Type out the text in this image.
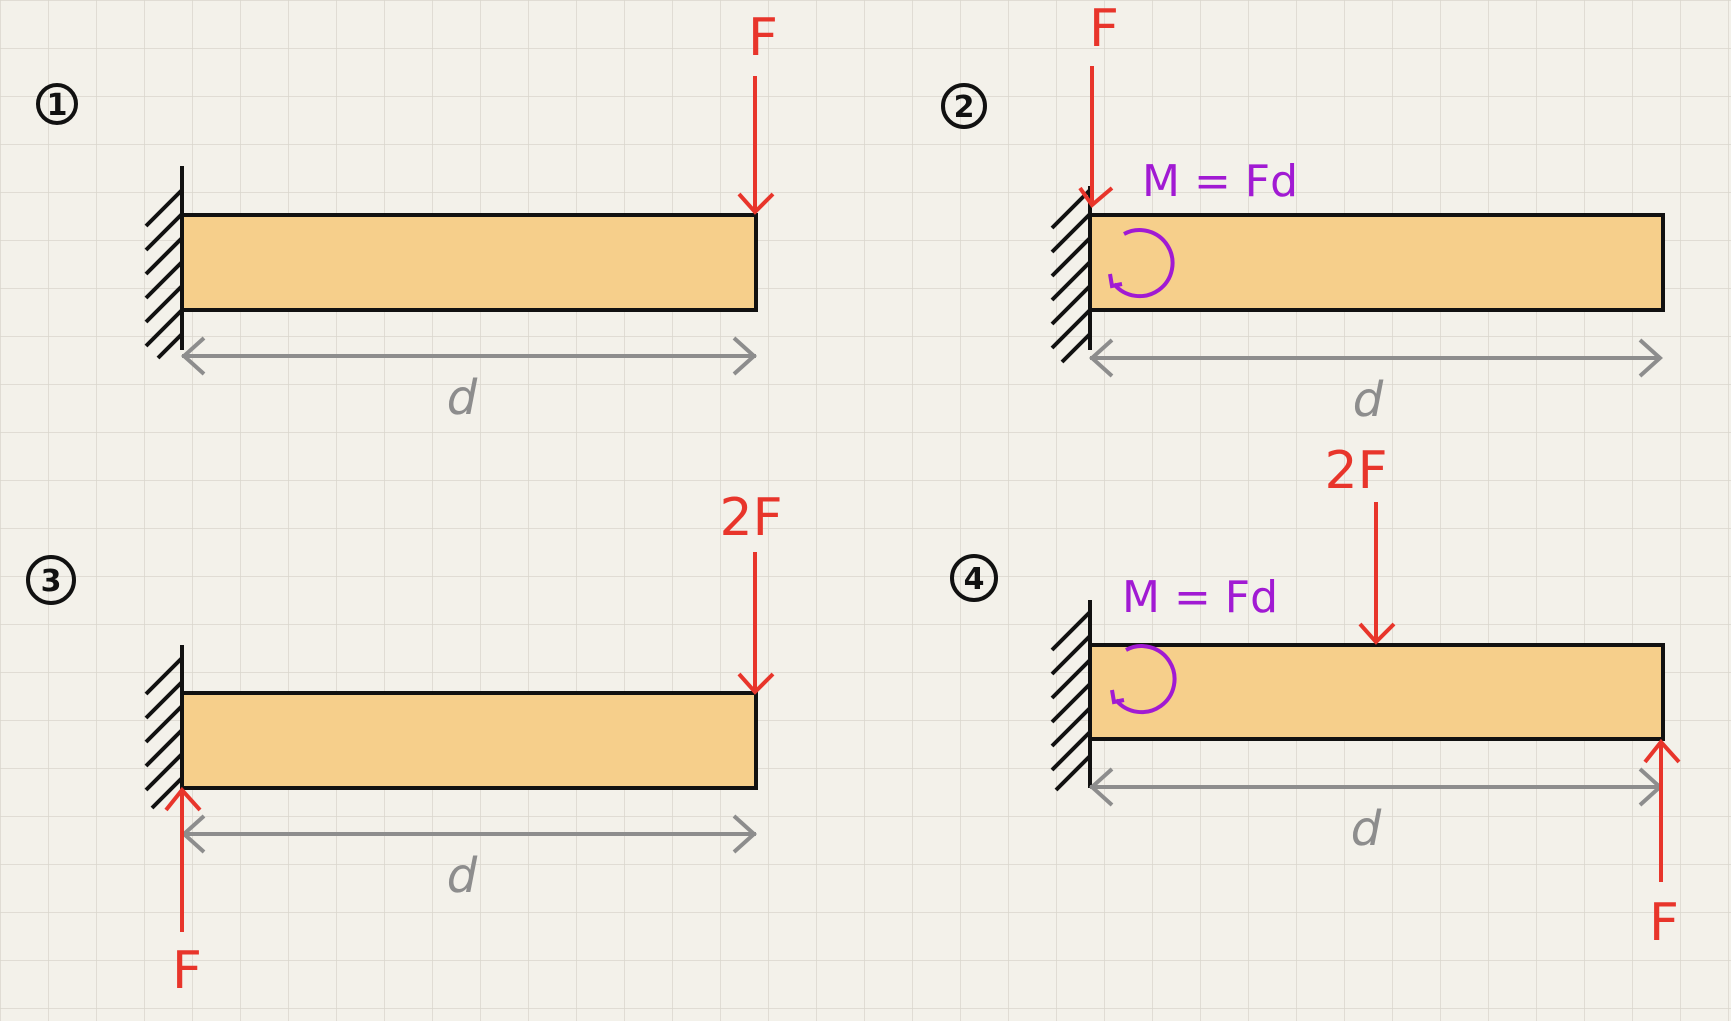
1
d
F
2
d
F
M = Fd
3
d
2F
F
4
d
2F
F
M = Fd
